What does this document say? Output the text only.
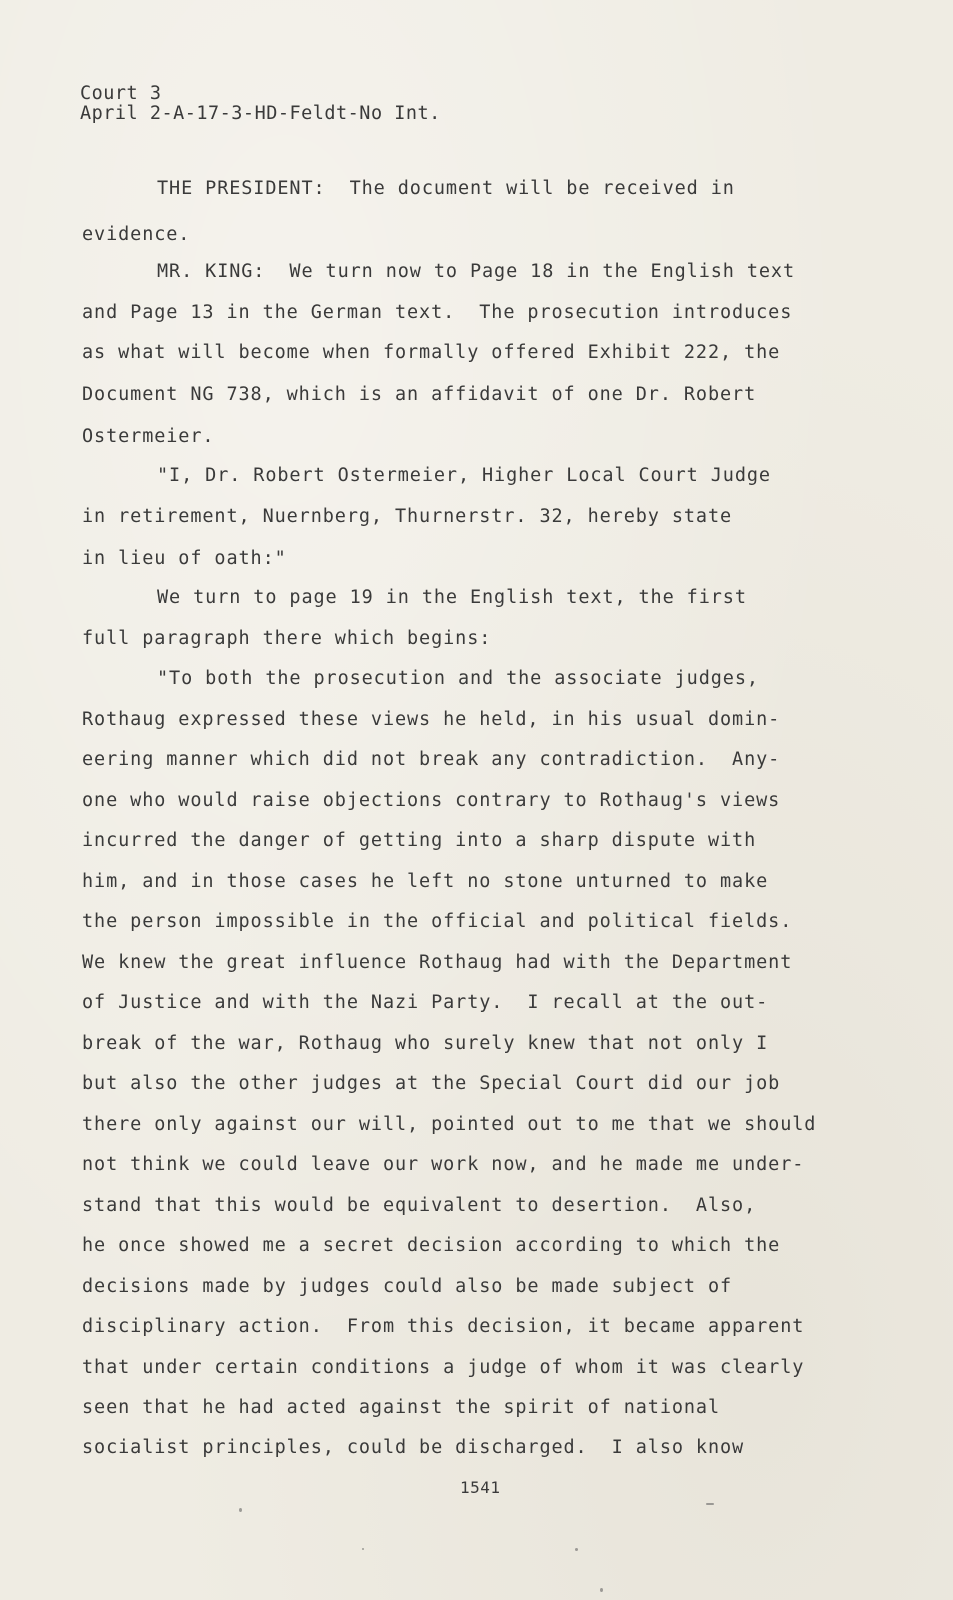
Court 3
April 2-A-17-3-HD-Feldt-No Int.
THE PRESIDENT:  The document will be received in
evidence.
MR. KING:  We turn now to Page 18 in the English text
and Page 13 in the German text.  The prosecution introduces
as what will become when formally offered Exhibit 222, the
Document NG 738, which is an affidavit of one Dr. Robert
Ostermeier.
"I, Dr. Robert Ostermeier, Higher Local Court Judge
in retirement, Nuernberg, Thurnerstr. 32, hereby state
in lieu of oath:"
We turn to page 19 in the English text, the first
full paragraph there which begins:
"To both the prosecution and the associate judges,
Rothaug expressed these views he held, in his usual domin-
eering manner which did not break any contradiction.  Any-
one who would raise objections contrary to Rothaug's views
incurred the danger of getting into a sharp dispute with
him, and in those cases he left no stone unturned to make
the person impossible in the official and political fields.
We knew the great influence Rothaug had with the Department
of Justice and with the Nazi Party.  I recall at the out-
break of the war, Rothaug who surely knew that not only I
but also the other judges at the Special Court did our job
there only against our will, pointed out to me that we should
not think we could leave our work now, and he made me under-
stand that this would be equivalent to desertion.  Also,
he once showed me a secret decision according to which the
decisions made by judges could also be made subject of
disciplinary action.  From this decision, it became apparent
that under certain conditions a judge of whom it was clearly
seen that he had acted against the spirit of national
socialist principles, could be discharged.  I also know
1541
